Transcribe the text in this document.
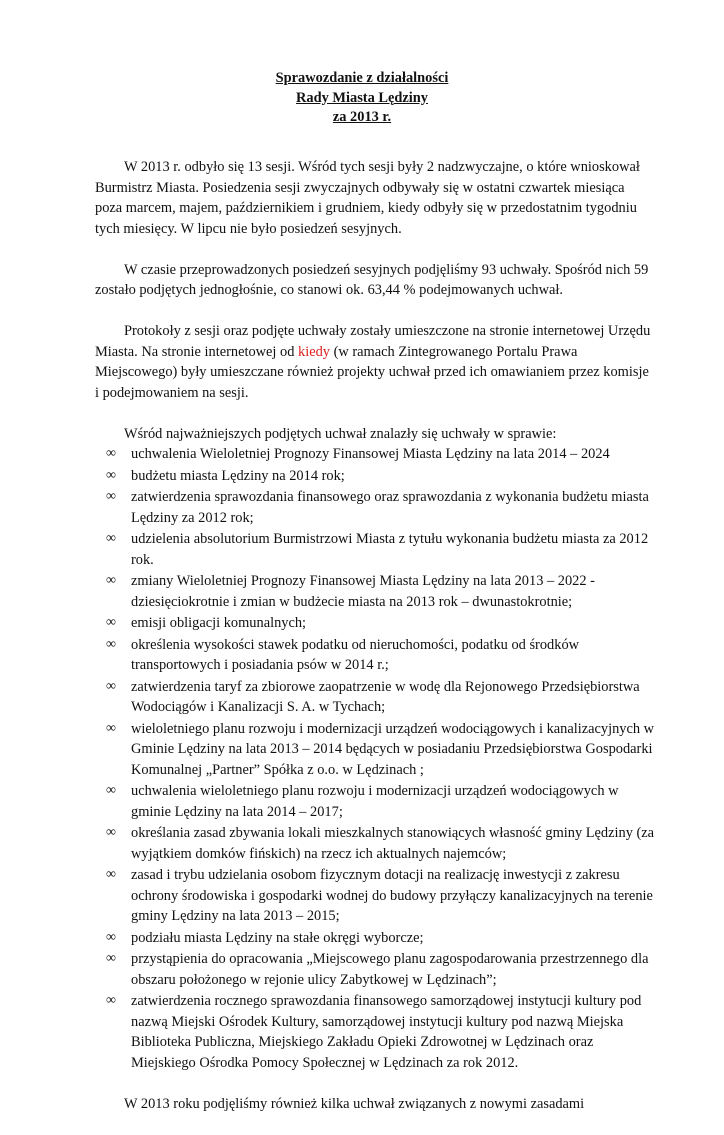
Sprawozdanie z działalności
Rady Miasta Lędziny
za 2013 r.

W 2013 r. odbyło się 13 sesji. Wśród tych sesji były 2 nadzwyczajne, o które wnioskował Burmistrz Miasta. Posiedzenia sesji zwyczajnych odbywały się w ostatni czwartek miesiąca poza marcem, majem, październikiem i grudniem, kiedy odbyły się w przedostatnim tygodniu tych miesięcy. W lipcu nie było posiedzeń sesyjnych.

W czasie przeprowadzonych posiedzeń sesyjnych podjęliśmy 93 uchwały. Spośród nich 59 zostało podjętych jednogłośnie, co stanowi ok. 63,44 % podejmowanych uchwał.

Protokoły z sesji oraz podjęte uchwały zostały umieszczone na stronie internetowej Urzędu Miasta. Na stronie internetowej od kiedy (w ramach Zintegrowanego Portalu Prawa Miejscowego) były umieszczane również projekty uchwał przed ich omawianiem przez komisje i podejmowaniem na sesji.

Wśród najważniejszych podjętych uchwał znalazły się uchwały w sprawie:

∞ uchwalenia Wieloletniej Prognozy Finansowej Miasta Lędziny na lata 2014 – 2024
∞ budżetu miasta Lędziny na 2014 rok;
∞ zatwierdzenia sprawozdania finansowego oraz sprawozdania z wykonania budżetu miasta Lędziny za 2012 rok;
∞ udzielenia absolutorium Burmistrzowi Miasta z tytułu wykonania budżetu miasta za 2012 rok.
∞ zmiany Wieloletniej Prognozy Finansowej Miasta Lędziny na lata 2013 – 2022 - dziesięciokrotnie i zmian w budżecie miasta na 2013 rok – dwunastokrotnie;
∞ emisji obligacji komunalnych;
∞ określenia wysokości stawek podatku od nieruchomości, podatku od środków transportowych i posiadania psów w 2014 r.;
∞ zatwierdzenia taryf za zbiorowe zaopatrzenie w wodę dla Rejonowego Przedsiębiorstwa Wodociągów i Kanalizacji S. A. w Tychach;
∞ wieloletniego planu rozwoju i modernizacji urządzeń wodociągowych i kanalizacyjnych w Gminie Lędziny na lata 2013 – 2014 będących w posiadaniu Przedsiębiorstwa Gospodarki Komunalnej „Partner” Spółka z o.o. w Lędzinach ;
∞ uchwalenia wieloletniego planu rozwoju i modernizacji urządzeń wodociągowych w gminie Lędziny na lata 2014 – 2017;
∞ określania zasad zbywania lokali mieszkalnych stanowiących własność gminy Lędziny (za wyjątkiem domków fińskich) na rzecz ich aktualnych najemców;
∞ zasad i trybu udzielania osobom fizycznym dotacji na realizację inwestycji z zakresu ochrony środowiska i gospodarki wodnej do budowy przyłączy kanalizacyjnych na terenie gminy Lędziny na lata 2013 – 2015;
∞ podziału miasta Lędziny na stałe okręgi wyborcze;
∞ przystąpienia do opracowania „Miejscowego planu zagospodarowania przestrzennego dla obszaru położonego w rejonie ulicy Zabytkowej w Lędzinach”;
∞ zatwierdzenia rocznego sprawozdania finansowego samorządowej instytucji kultury pod nazwą Miejski Ośrodek Kultury, samorządowej instytucji kultury pod nazwą Miejska Biblioteka Publiczna, Miejskiego Zakładu Opieki Zdrowotnej w Lędzinach oraz Miejskiego Ośrodka Pomocy Społecznej w Lędzinach za rok 2012.

W 2013 roku podjęliśmy również kilka uchwał związanych z nowymi zasadami
